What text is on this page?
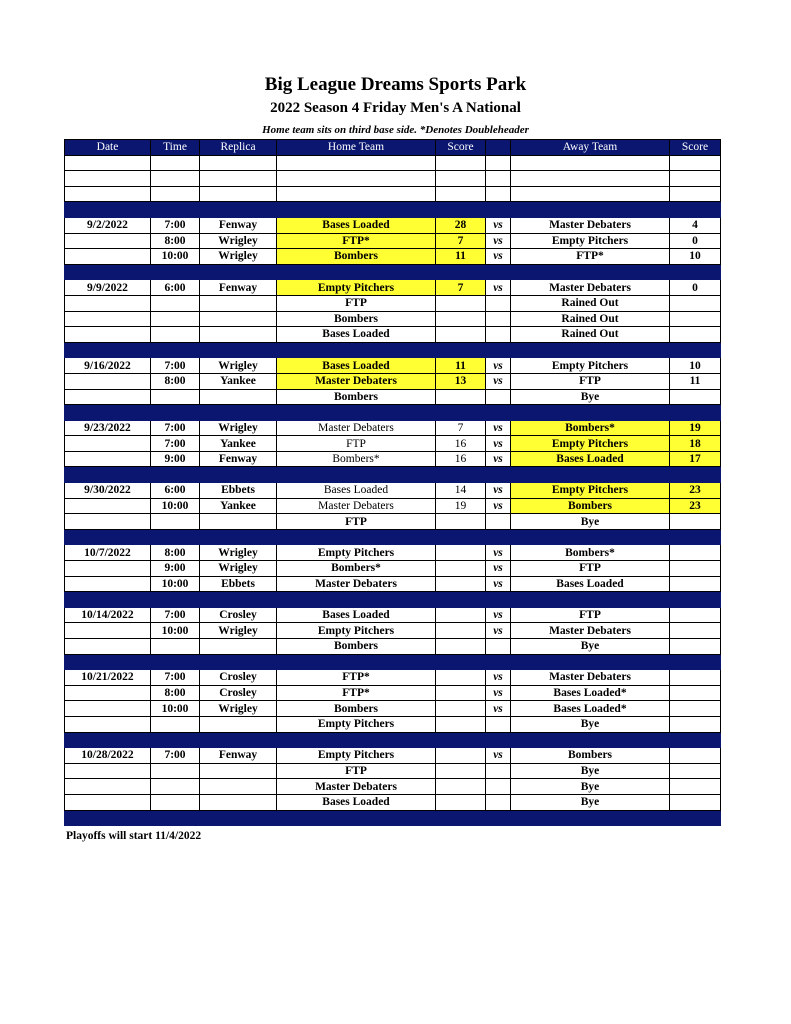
Big League Dreams Sports Park
2022 Season 4 Friday Men's A National
Home team sits on third base side. *Denotes Doubleheader
Date	Time	Replica	Home Team	Score		Away Team	Score

9/2/2022	7:00	Fenway	Bases Loaded	28	vs	Master Debaters	4
	8:00	Wrigley	FTP*	7	vs	Empty Pitchers	0
	10:00	Wrigley	Bombers	11	vs	FTP*	10

9/9/2022	6:00	Fenway	Empty Pitchers	7	vs	Master Debaters	0
			FTP			Rained Out	
			Bombers			Rained Out	
			Bases Loaded			Rained Out	

9/16/2022	7:00	Wrigley	Bases Loaded	11	vs	Empty Pitchers	10
	8:00	Yankee	Master Debaters	13	vs	FTP	11
			Bombers			Bye	

9/23/2022	7:00	Wrigley	Master Debaters	7	vs	Bombers*	19
	7:00	Yankee	FTP	16	vs	Empty Pitchers	18
	9:00	Fenway	Bombers*	16	vs	Bases Loaded	17

9/30/2022	6:00	Ebbets	Bases Loaded	14	vs	Empty Pitchers	23
	10:00	Yankee	Master Debaters	19	vs	Bombers	23
			FTP			Bye	

10/7/2022	8:00	Wrigley	Empty Pitchers		vs	Bombers*	
	9:00	Wrigley	Bombers*		vs	FTP	
	10:00	Ebbets	Master Debaters		vs	Bases Loaded	

10/14/2022	7:00	Crosley	Bases Loaded		vs	FTP	
	10:00	Wrigley	Empty Pitchers		vs	Master Debaters	
			Bombers			Bye	

10/21/2022	7:00	Crosley	FTP*		vs	Master Debaters	
	8:00	Crosley	FTP*		vs	Bases Loaded*	
	10:00	Wrigley	Bombers		vs	Bases Loaded*	
			Empty Pitchers			Bye	

10/28/2022	7:00	Fenway	Empty Pitchers		vs	Bombers	
			FTP			Bye	
			Master Debaters			Bye	
			Bases Loaded			Bye	

Playoffs will start 11/4/2022
